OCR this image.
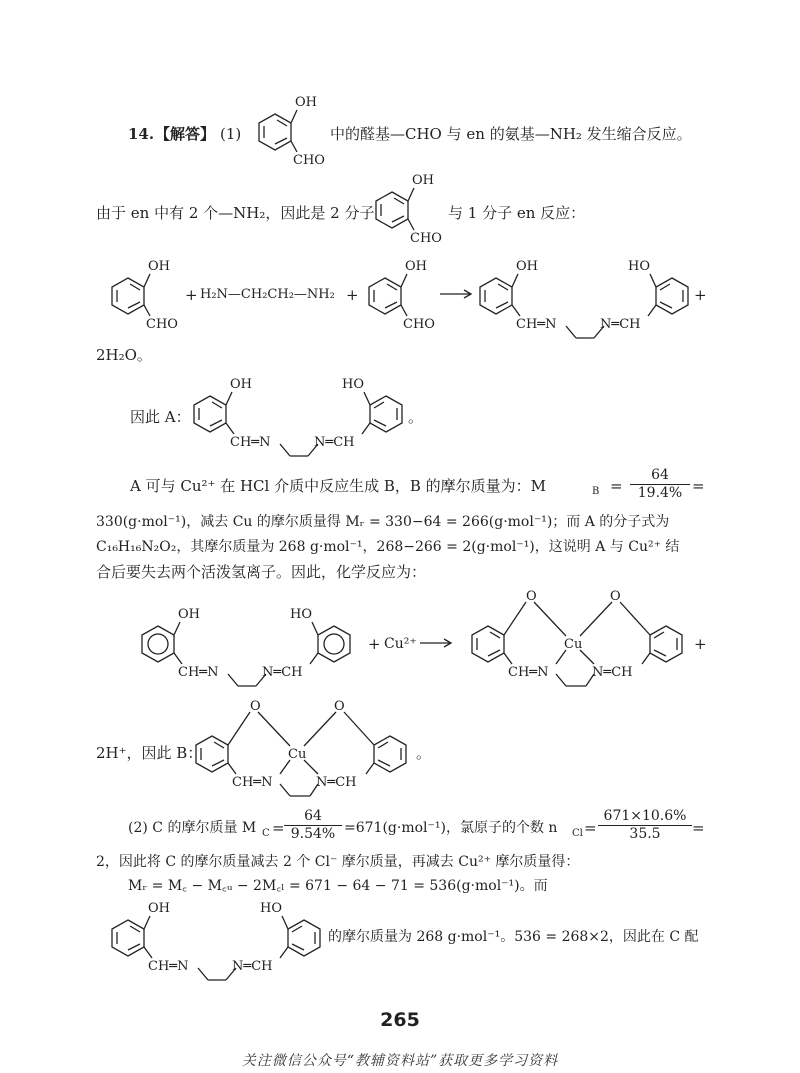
14. 【解答】 (1)
OH
CHO
中的醛基—CHO 与 en 的氨基—NH₂ 发生缩合反应。
由于 en 中有 2 个—NH₂，因此是 2 分子
OH
CHO
与 1 分子 en 反应：
OH
CHO
+ H₂N—CH₂CH₂—NH₂ +
OH
CHO
OH
CH═N	N═CH
HO
+
2H₂O。
因此 A：
OH
CH═N	N═CH
HO
。
A 可与 Cu²⁺ 在 HCl 介质中反应生成 B，B 的摩尔质量为：M	$B = \frac{64}{19.4\%}$ =
330(g·mol⁻¹)，减去 Cu 的摩尔质量得 Mᵣ = 330−64 = 266(g·mol⁻¹)；而 A 的分子式为
C₁₆H₁₆N₂O₂，其摩尔质量为 268 g·mol⁻¹，268−266 = 2(g·mol⁻¹)，这说明 A 与 Cu²⁺ 结
合后要失去两个活泼氢离子。因此，化学反应为：
OH
CH═N	N═CH
HO
+ Cu²⁺ →
O	O
Cu
CH═N	N═CH
+
2H⁺，因此 B：
O	O
Cu
CH═N	N═CH
。
(2) C 的摩尔质量 M $C = \frac{64}{9.54\%} =671(g\cdot mol^{-1})$，氯原子的个数 n $Cl = \frac{671\times 10.6\%}{35.5}$ =
2，因此将 C 的摩尔质量减去 2 个 Cl⁻ 摩尔质量，再减去 Cu²⁺ 摩尔质量得：
Mᵣ = M꜀ − M꜀ᵤ − 2M꜀ₗ = 671 − 64 − 71 = 536(g·mol⁻¹)。而
OH
CH═N	N═CH
HO
的摩尔质量为 268 g·mol⁻¹。536 = 268×2，因此在 C 配
265
关注微信公众号“教辅资料站”获取更多学习资料
